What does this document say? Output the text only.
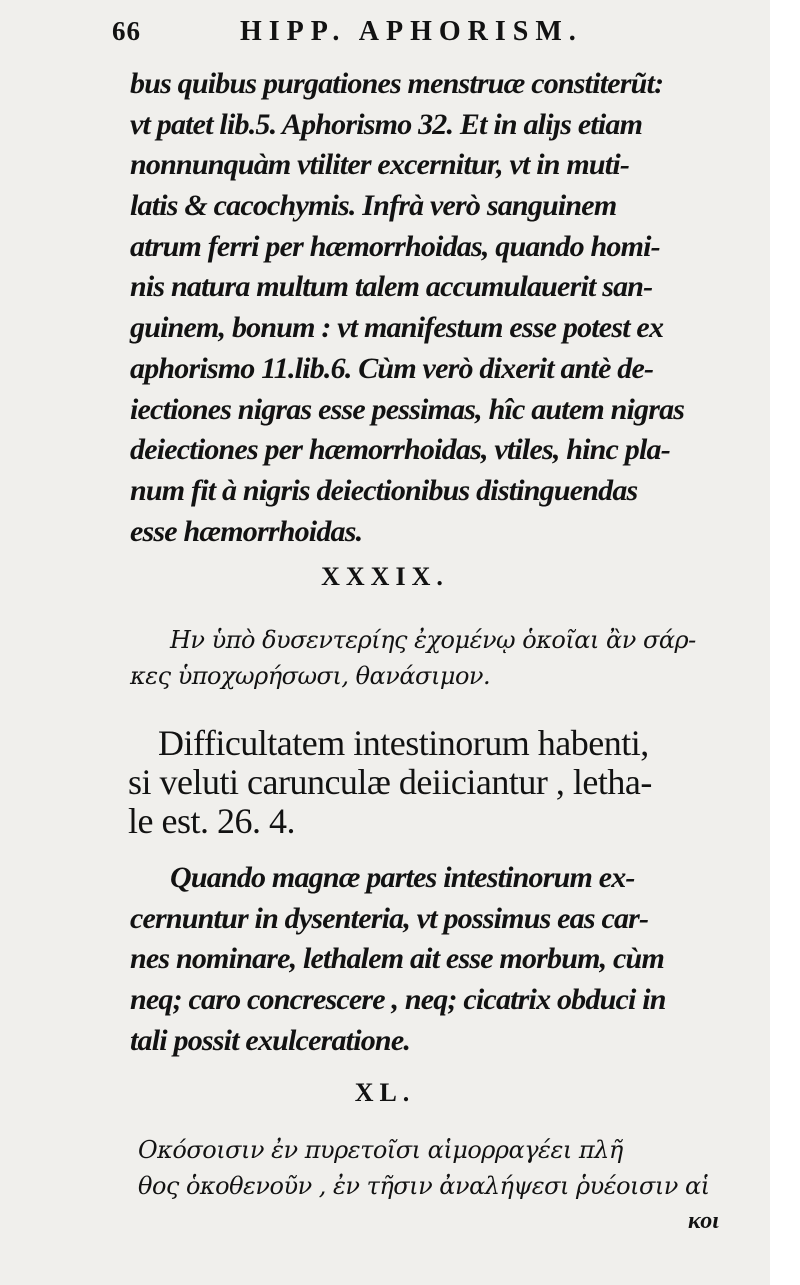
66	HIPP. APHORISM.
bus quibus purgationes menstruæ constiterũt:
vt patet lib.5. Aphorismo 32. Et in aliȷs etiam
nonnunquàm vtiliter excernitur, vt in muti-
latis & cacochymis. Infrà verò sanguinem
atrum ferri per hæmorrhoidas, quando homi-
nis natura multum talem accumulauerit san-
guinem, bonum : vt manifestum esse potest ex
aphorismo 11.lib.6. Cùm verò dixerit antè de-
iectiones nigras esse pessimas, hîc autem nigras
deiectiones per hæmorrhoidas, vtiles, hinc pla-
num fit à nigris deiectionibus distinguendas
esse hæmorrhoidas.
XXXIX.
Ην ὑπὸ δυσεντερίης ἐχομένῳ ὁκοῖαι ἂν σάρ-
κες ὑποχωρήσωσι, θανάσιμον.
Difficultatem intestinorum habenti,
si veluti carunculæ deiiciantur , letha-
le est. 26. 4.
Quando magnæ partes intestinorum ex-
cernuntur in dysenteria, vt possimus eas car-
nes nominare, lethalem ait esse morbum, cùm
neq; caro concrescere , neq; cicatrix obduci in
tali possit exulceratione.
XL.
Οκόσοισιν ἐν πυρετοῖσι αἱμορραγέει πλῆ
θος ὁκοθενοῦν , ἐν τῆσιν ἀναλήψεσι ῥυέοισιν αἱ
κοι
